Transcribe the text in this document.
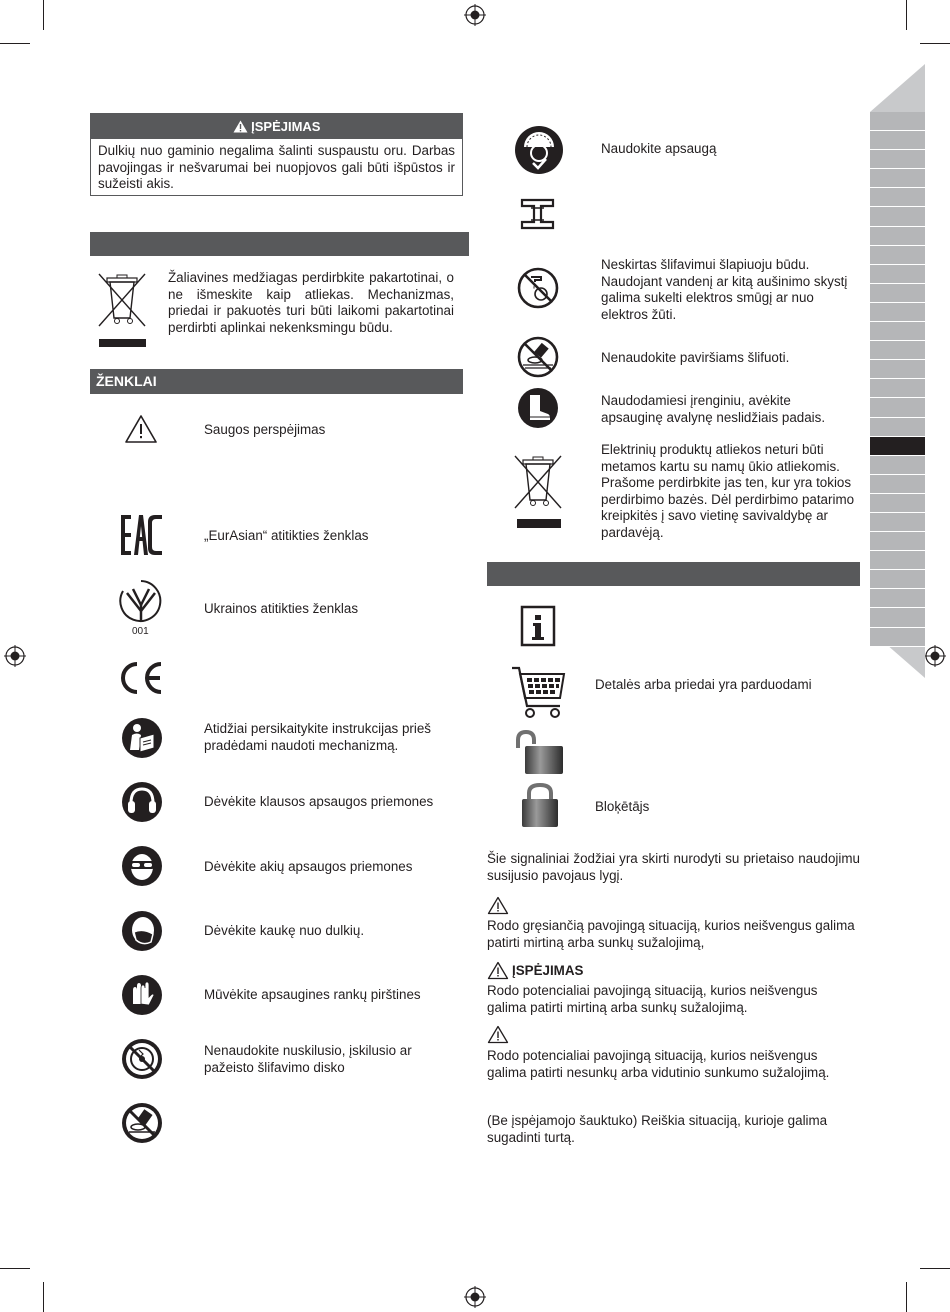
ĮSPĖJIMAS
Dulkių nuo gaminio negalima šalinti suspaustu oru. Darbas pavojingas ir nešvarumai bei nuopjovos gali būti išpūstos ir sužeisti akis.
Žaliavines medžiagas perdirbkite pakartotinai, o ne išmeskite kaip atliekas. Mechanizmas, priedai ir pakuotės turi būti laikomi pakartotinai perdirbti aplinkai nekenksmingu būdu.
ŽENKLAI
Saugos perspėjimas
„EurAsian“ atitikties ženklas
001
Ukrainos atitikties ženklas
Atidžiai persikaitykite instrukcijas prieš pradėdami naudoti mechanizmą.
Dėvėkite klausos apsaugos priemones
Dėvėkite akių apsaugos priemones
Dėvėkite kaukę nuo dulkių.
Mūvėkite apsaugines rankų pirštines
Nenaudokite nuskilusio, įskilusio ar pažeisto šlifavimo disko
Naudokite apsaugą
Neskirtas šlifavimui šlapiuoju būdu. Naudojant vandenį ar kitą aušinimo skystį galima sukelti elektros smūgį ar nuo elektros žūti.
Nenaudokite paviršiams šlifuoti.
Naudodamiesi įrenginiu, avėkite apsauginę avalynę neslidžiais padais.
Elektrinių produktų atliekos neturi būti metamos kartu su namų ūkio atliekomis. Prašome perdirbkite jas ten, kur yra tokios perdirbimo bazės. Dėl perdirbimo patarimo kreipkitės į savo vietinę savivaldybę ar pardavėją.
Detalės arba priedai yra parduodami
Bloķētājs
Šie signaliniai žodžiai yra skirti nurodyti su prietaiso naudojimu susijusio pavojaus lygį.
Rodo gręsiančią pavojingą situaciją, kurios neišvengus galima patirti mirtiną arba sunkų sužalojimą,
ĮSPĖJIMAS
Rodo potencialiai pavojingą situaciją, kurios neišvengus galima patirti mirtiną arba sunkų sužalojimą.
Rodo potencialiai pavojingą situaciją, kurios neišvengus galima patirti nesunkų arba vidutinio sunkumo sužalojimą.
(Be įspėjamojo šauktuko) Reiškia situaciją, kurioje galima sugadinti turtą.
